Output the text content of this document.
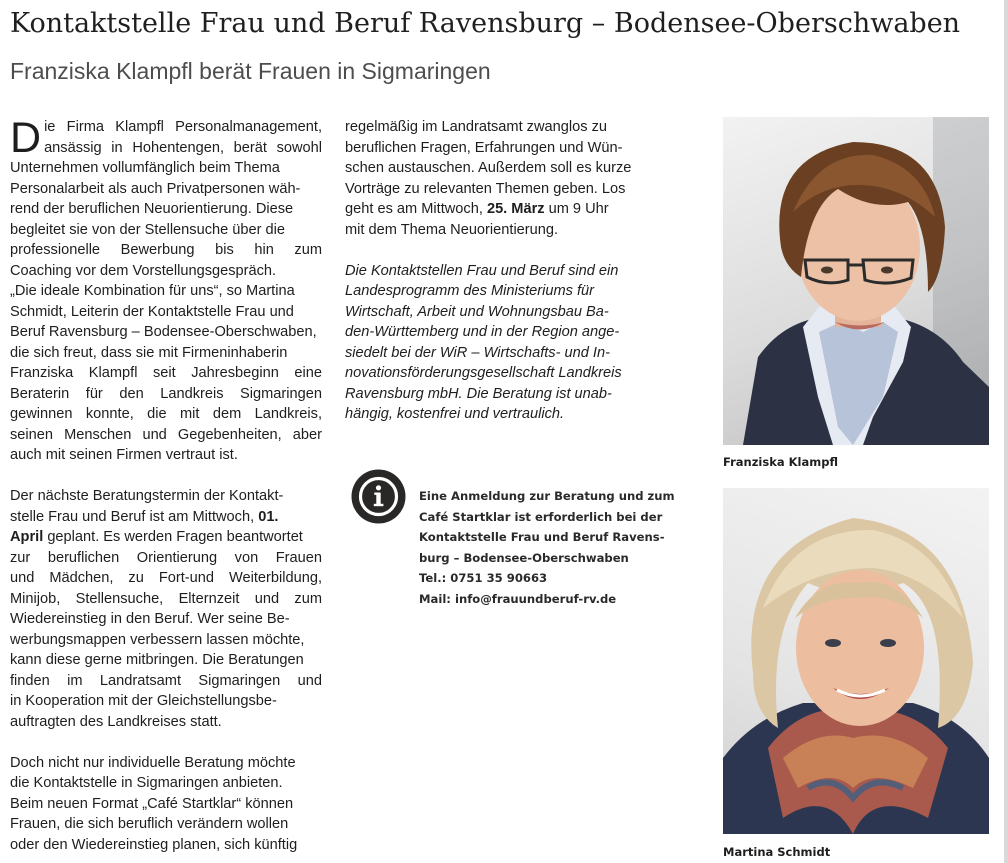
Kontaktstelle Frau und Beruf Ravensburg – Bodensee-Oberschwaben
Franziska Klampfl berät Frauen in Sigmaringen

D ie Firma Klampfl Personalmanagement,
ansässig in Hohentengen, berät sowohl
Unternehmen vollumfänglich beim Thema
Personalarbeit als auch Privatpersonen wäh-
rend der beruflichen Neuorientierung. Diese
begleitet sie von der Stellensuche über die
professionelle Bewerbung bis hin zum
Coaching vor dem Vorstellungsgespräch.
„Die ideale Kombination für uns“, so Martina
Schmidt, Leiterin der Kontaktstelle Frau und
Beruf Ravensburg – Bodensee-Oberschwaben,
die sich freut, dass sie mit Firmeninhaberin
Franziska Klampfl seit Jahresbeginn eine
Beraterin für den Landkreis Sigmaringen
gewinnen konnte, die mit dem Landkreis,
seinen Menschen und Gegebenheiten, aber
auch mit seinen Firmen vertraut ist.

Der nächste Beratungstermin der Kontakt-
stelle Frau und Beruf ist am Mittwoch, 01.
April geplant. Es werden Fragen beantwortet
zur beruflichen Orientierung von Frauen
und Mädchen, zu Fort-und Weiterbildung,
Minijob, Stellensuche, Elternzeit und zum
Wiedereinstieg in den Beruf. Wer seine Be-
werbungsmappen verbessern lassen möchte,
kann diese gerne mitbringen. Die Beratungen
finden im Landratsamt Sigmaringen und
in Kooperation mit der Gleichstellungsbe-
auftragten des Landkreises statt.

Doch nicht nur individuelle Beratung möchte
die Kontaktstelle in Sigmaringen anbieten.
Beim neuen Format „Café Startklar“ können
Frauen, die sich beruflich verändern wollen
oder den Wiedereinstieg planen, sich künftig

regelmäßig im Landratsamt zwanglos zu
beruflichen Fragen, Erfahrungen und Wün-
schen austauschen. Außerdem soll es kurze
Vorträge zu relevanten Themen geben. Los
geht es am Mittwoch, 25. März um 9 Uhr
mit dem Thema Neuorientierung.

Die Kontaktstellen Frau und Beruf sind ein
Landesprogramm des Ministeriums für
Wirtschaft, Arbeit und Wohnungsbau Ba-
den-Württemberg und in der Region ange-
siedelt bei der WiR – Wirtschafts- und In-
novationsförderungsgesellschaft Landkreis
Ravensburg mbH. Die Beratung ist unab-
hängig, kostenfrei und vertraulich.

Eine Anmeldung zur Beratung und zum
Café Startklar ist erforderlich bei der
Kontaktstelle Frau und Beruf Ravens-
burg – Bodensee-Oberschwaben
Tel.: 0751 35 90663
Mail: info@frauundberuf-rv.de
Franziska Klampfl
Martina Schmidt
